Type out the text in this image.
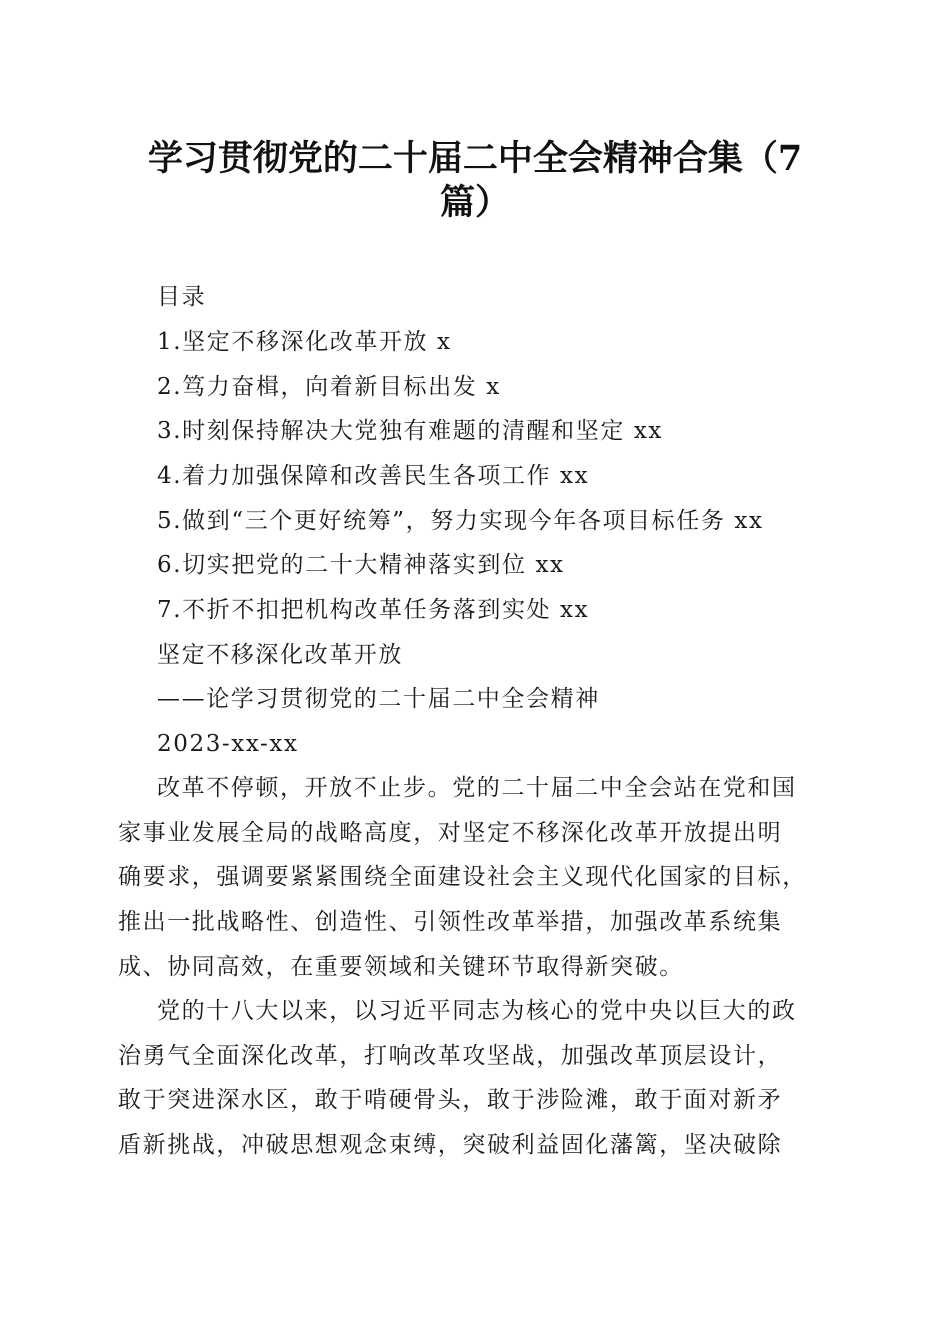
学习贯彻党的二十届二中全会精神合集（7
篇）
目录
1.坚定不移深化改革开放 x
2.笃力奋楫，向着新目标出发 x
3.时刻保持解决大党独有难题的清醒和坚定 xx
4.着力加强保障和改善民生各项工作 xx
5.做到“三个更好统筹”，努力实现今年各项目标任务 xx
6.切实把党的二十大精神落实到位 xx
7.不折不扣把机构改革任务落到实处 xx
坚定不移深化改革开放
——论学习贯彻党的二十届二中全会精神
2023-xx-xx
改革不停顿，开放不止步。党的二十届二中全会站在党和国
家事业发展全局的战略高度，对坚定不移深化改革开放提出明
确要求，强调要紧紧围绕全面建设社会主义现代化国家的目标，
推出一批战略性、创造性、引领性改革举措，加强改革系统集
成、协同高效，在重要领域和关键环节取得新突破。
党的十八大以来，以习近平同志为核心的党中央以巨大的政
治勇气全面深化改革，打响改革攻坚战，加强改革顶层设计，
敢于突进深水区，敢于啃硬骨头，敢于涉险滩，敢于面对新矛
盾新挑战，冲破思想观念束缚，突破利益固化藩篱，坚决破除
